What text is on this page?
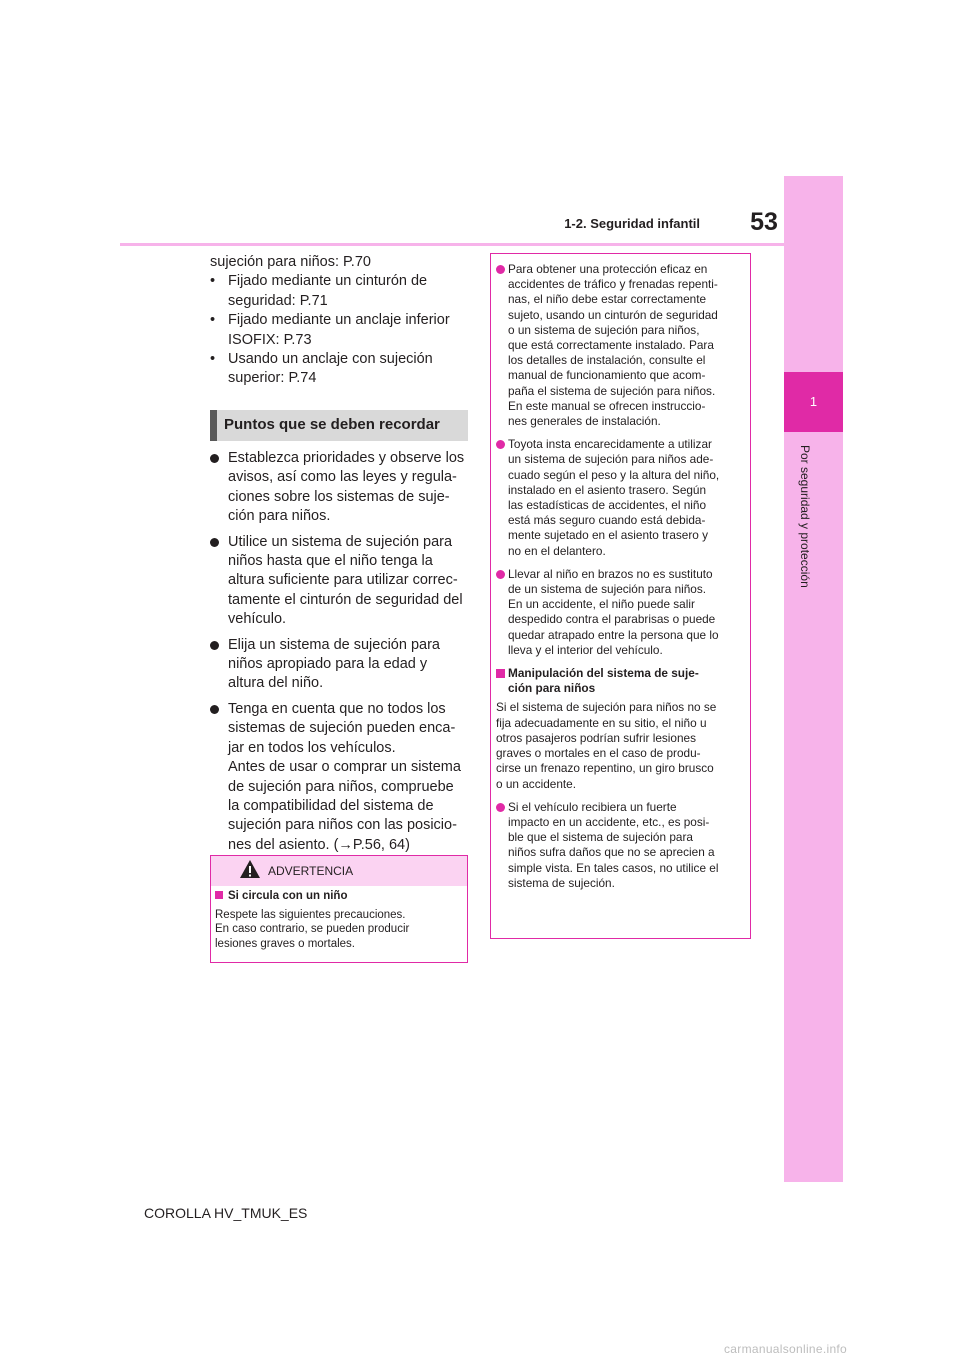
1-2. Seguridad infantil	53
1
Por seguridad y protección

sujeción para niños: P.70

• Fijado mediante un cinturón de

seguridad: P.71

• Fijado mediante un anclaje inferior

ISOFIX: P.73

• Usando un anclaje con sujeción

superior: P.74

Puntos que se deben recordar
Establezca prioridades y observe los
avisos, así como las leyes y regula-
ciones sobre los sistemas de suje-
ción para niños.
Utilice un sistema de sujeción para
niños hasta que el niño tenga la
altura suficiente para utilizar correc-
tamente el cinturón de seguridad del
vehículo.
Elija un sistema de sujeción para
niños apropiado para la edad y
altura del niño.
Tenga en cuenta que no todos los
sistemas de sujeción pueden enca-
jar en todos los vehículos.
Antes de usar o comprar un sistema
de sujeción para niños, compruebe
la compatibilidad del sistema de
sujeción para niños con las posicio-
nes del asiento. (→P.56, 64)
ADVERTENCIA
Si circula con un niño
Respete las siguientes precauciones.
En caso contrario, se pueden producir
lesiones graves o mortales.
Para obtener una protección eficaz en
accidentes de tráfico y frenadas repenti-
nas, el niño debe estar correctamente
sujeto, usando un cinturón de seguridad
o un sistema de sujeción para niños,
que está correctamente instalado. Para
los detalles de instalación, consulte el
manual de funcionamiento que acom-
paña el sistema de sujeción para niños.
En este manual se ofrecen instruccio-
nes generales de instalación.
Toyota insta encarecidamente a utilizar
un sistema de sujeción para niños ade-
cuado según el peso y la altura del niño,
instalado en el asiento trasero. Según
las estadísticas de accidentes, el niño
está más seguro cuando está debida-
mente sujetado en el asiento trasero y
no en el delantero.
Llevar al niño en brazos no es sustituto
de un sistema de sujeción para niños.
En un accidente, el niño puede salir
despedido contra el parabrisas o puede
quedar atrapado entre la persona que lo
lleva y el interior del vehículo.
Manipulación del sistema de suje-
ción para niños
Si el sistema de sujeción para niños no se
fija adecuadamente en su sitio, el niño u
otros pasajeros podrían sufrir lesiones
graves o mortales en el caso de produ-
cirse un frenazo repentino, un giro brusco
o un accidente.
Si el vehículo recibiera un fuerte
impacto en un accidente, etc., es posi-
ble que el sistema de sujeción para
niños sufra daños que no se aprecien a
simple vista. En tales casos, no utilice el
sistema de sujeción.
COROLLA HV_TMUK_ES
carmanualsonline.info
